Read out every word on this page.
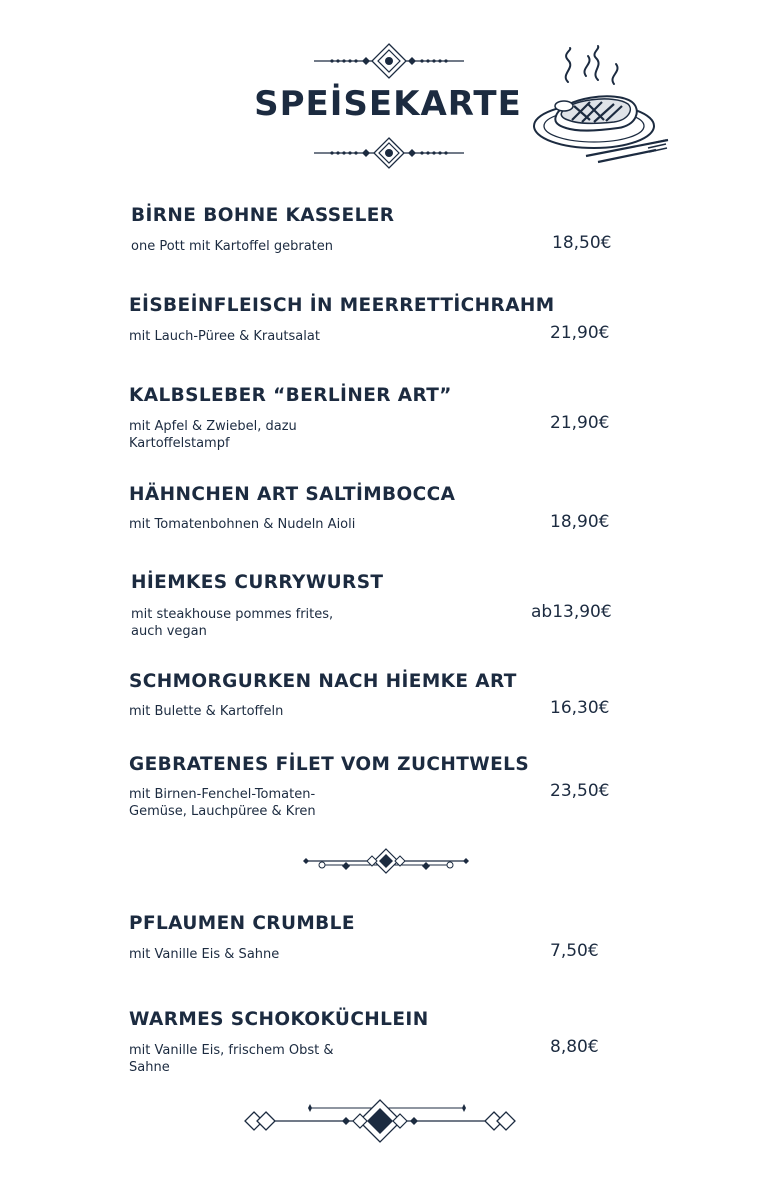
SPEİSEKARTE
BİRNE BOHNE KASSELER
one Pott mit Kartoffel gebraten	18,50€
EİSBEİNFLEISCH İN MEERRETTİCHRAHM
mit Lauch-Püree & Krautsalat	21,90€
KALBSLEBER “BERLİNER ART”
mit Apfel & Zwiebel, dazu
Kartoffelstampf
21,90€
HÄHNCHEN ART SALTİMBOCCA
mit Tomatenbohnen & Nudeln Aioli	18,90€
HİEMKES CURRYWURST
mit steakhouse pommes frites,
auch vegan
ab13,90€
SCHMORGURKEN NACH HİEMKE ART
mit Bulette & Kartoffeln	16,30€
GEBRATENES FİLET VOM ZUCHTWELS
mit Birnen-Fenchel-Tomaten-
Gemüse, Lauchpüree & Kren
23,50€
PFLAUMEN CRUMBLE
mit Vanille Eis & Sahne	7,50€
WARMES SCHOKOKÜCHLEIN
mit Vanille Eis, frischem Obst &
Sahne
8,80€
